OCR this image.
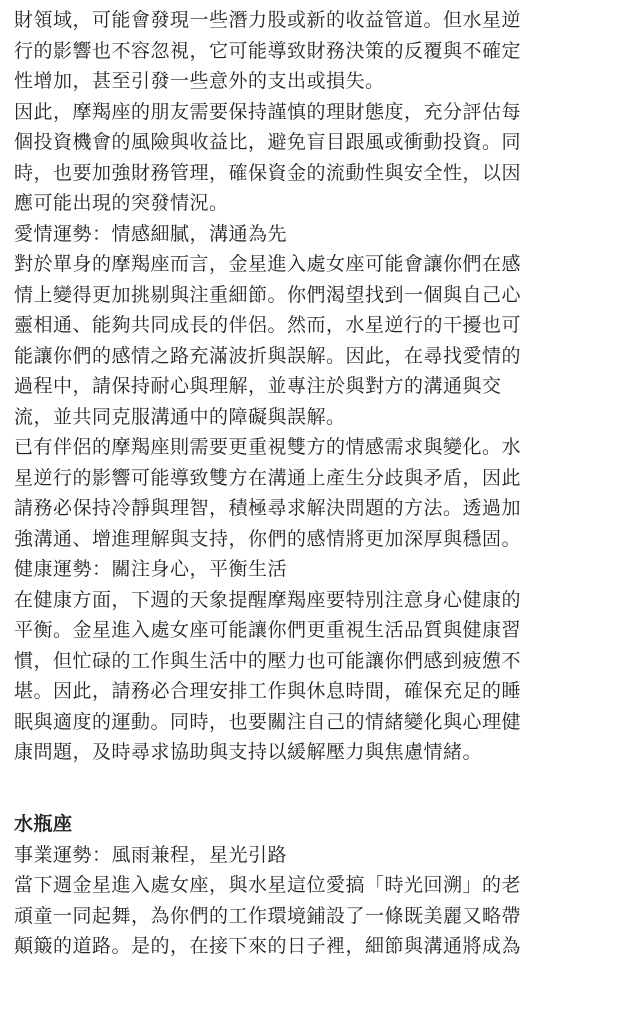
財領域，可能會發現一些潛力股或新的收益管道。但水星逆
行的影響也不容忽視，它可能導致財務決策的反覆與不確定
性增加，甚至引發一些意外的支出或損失。
因此，摩羯座的朋友需要保持謹慎的理財態度，充分評估每
個投資機會的風險與收益比，避免盲目跟風或衝動投資。同
時，也要加強財務管理，確保資金的流動性與安全性，以因
應可能出現的突發情況。
愛情運勢：情感細膩，溝通為先
對於單身的摩羯座而言，金星進入處女座可能會讓你們在感
情上變得更加挑剔與注重細節。你們渴望找到一個與自己心
靈相通、能夠共同成長的伴侶。然而，水星逆行的干擾也可
能讓你們的感情之路充滿波折與誤解。因此，在尋找愛情的
過程中，請保持耐心與理解，並專注於與對方的溝通與交
流，並共同克服溝通中的障礙與誤解。
已有伴侶的摩羯座則需要更重視雙方的情感需求與變化。水
星逆行的影響可能導致雙方在溝通上產生分歧與矛盾，因此
請務必保持冷靜與理智，積極尋求解決問題的方法。透過加
強溝通、增進理解與支持，你們的感情將更加深厚與穩固。
健康運勢：關注身心，平衡生活
在健康方面，下週的天象提醒摩羯座要特別注意身心健康的
平衡。金星進入處女座可能讓你們更重視生活品質與健康習
慣，但忙碌的工作與生活中的壓力也可能讓你們感到疲憊不
堪。因此，請務必合理安排工作與休息時間，確保充足的睡
眠與適度的運動。同時，也要關注自己的情緒變化與心理健
康問題，及時尋求協助與支持以緩解壓力與焦慮情緒。
水瓶座
事業運勢：風雨兼程，星光引路
當下週金星進入處女座，與水星這位愛搞「時光回溯」的老
頑童一同起舞，為你們的工作環境鋪設了一條既美麗又略帶
顛簸的道路。是的，在接下來的日子裡，細節與溝通將成為
